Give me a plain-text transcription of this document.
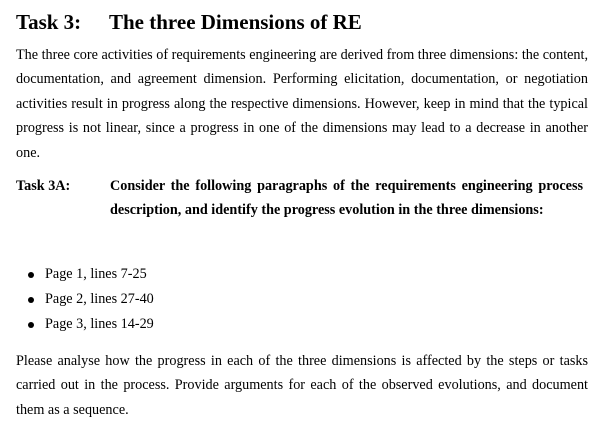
Task 3: The three Dimensions of RE

The three core activities of requirements engineering are derived from three dimensions: the content, documentation, and agreement dimension. Performing elicitation, documentation, or negotiation activities result in progress along the respective dimensions. However, keep in mind that the typical progress is not linear, since a progress in one of the dimensions may lead to a decrease in another one.

Task 3A:	Consider the following paragraphs of the requirements engineering process description, and identify the progress evolution in the three dimensions:

Page 1, lines 7-25
Page 2, lines 27-40
Page 3, lines 14-29

Please analyse how the progress in each of the three dimensions is affected by the steps or tasks carried out in the process. Provide arguments for each of the observed evolutions, and document them as a sequence.
